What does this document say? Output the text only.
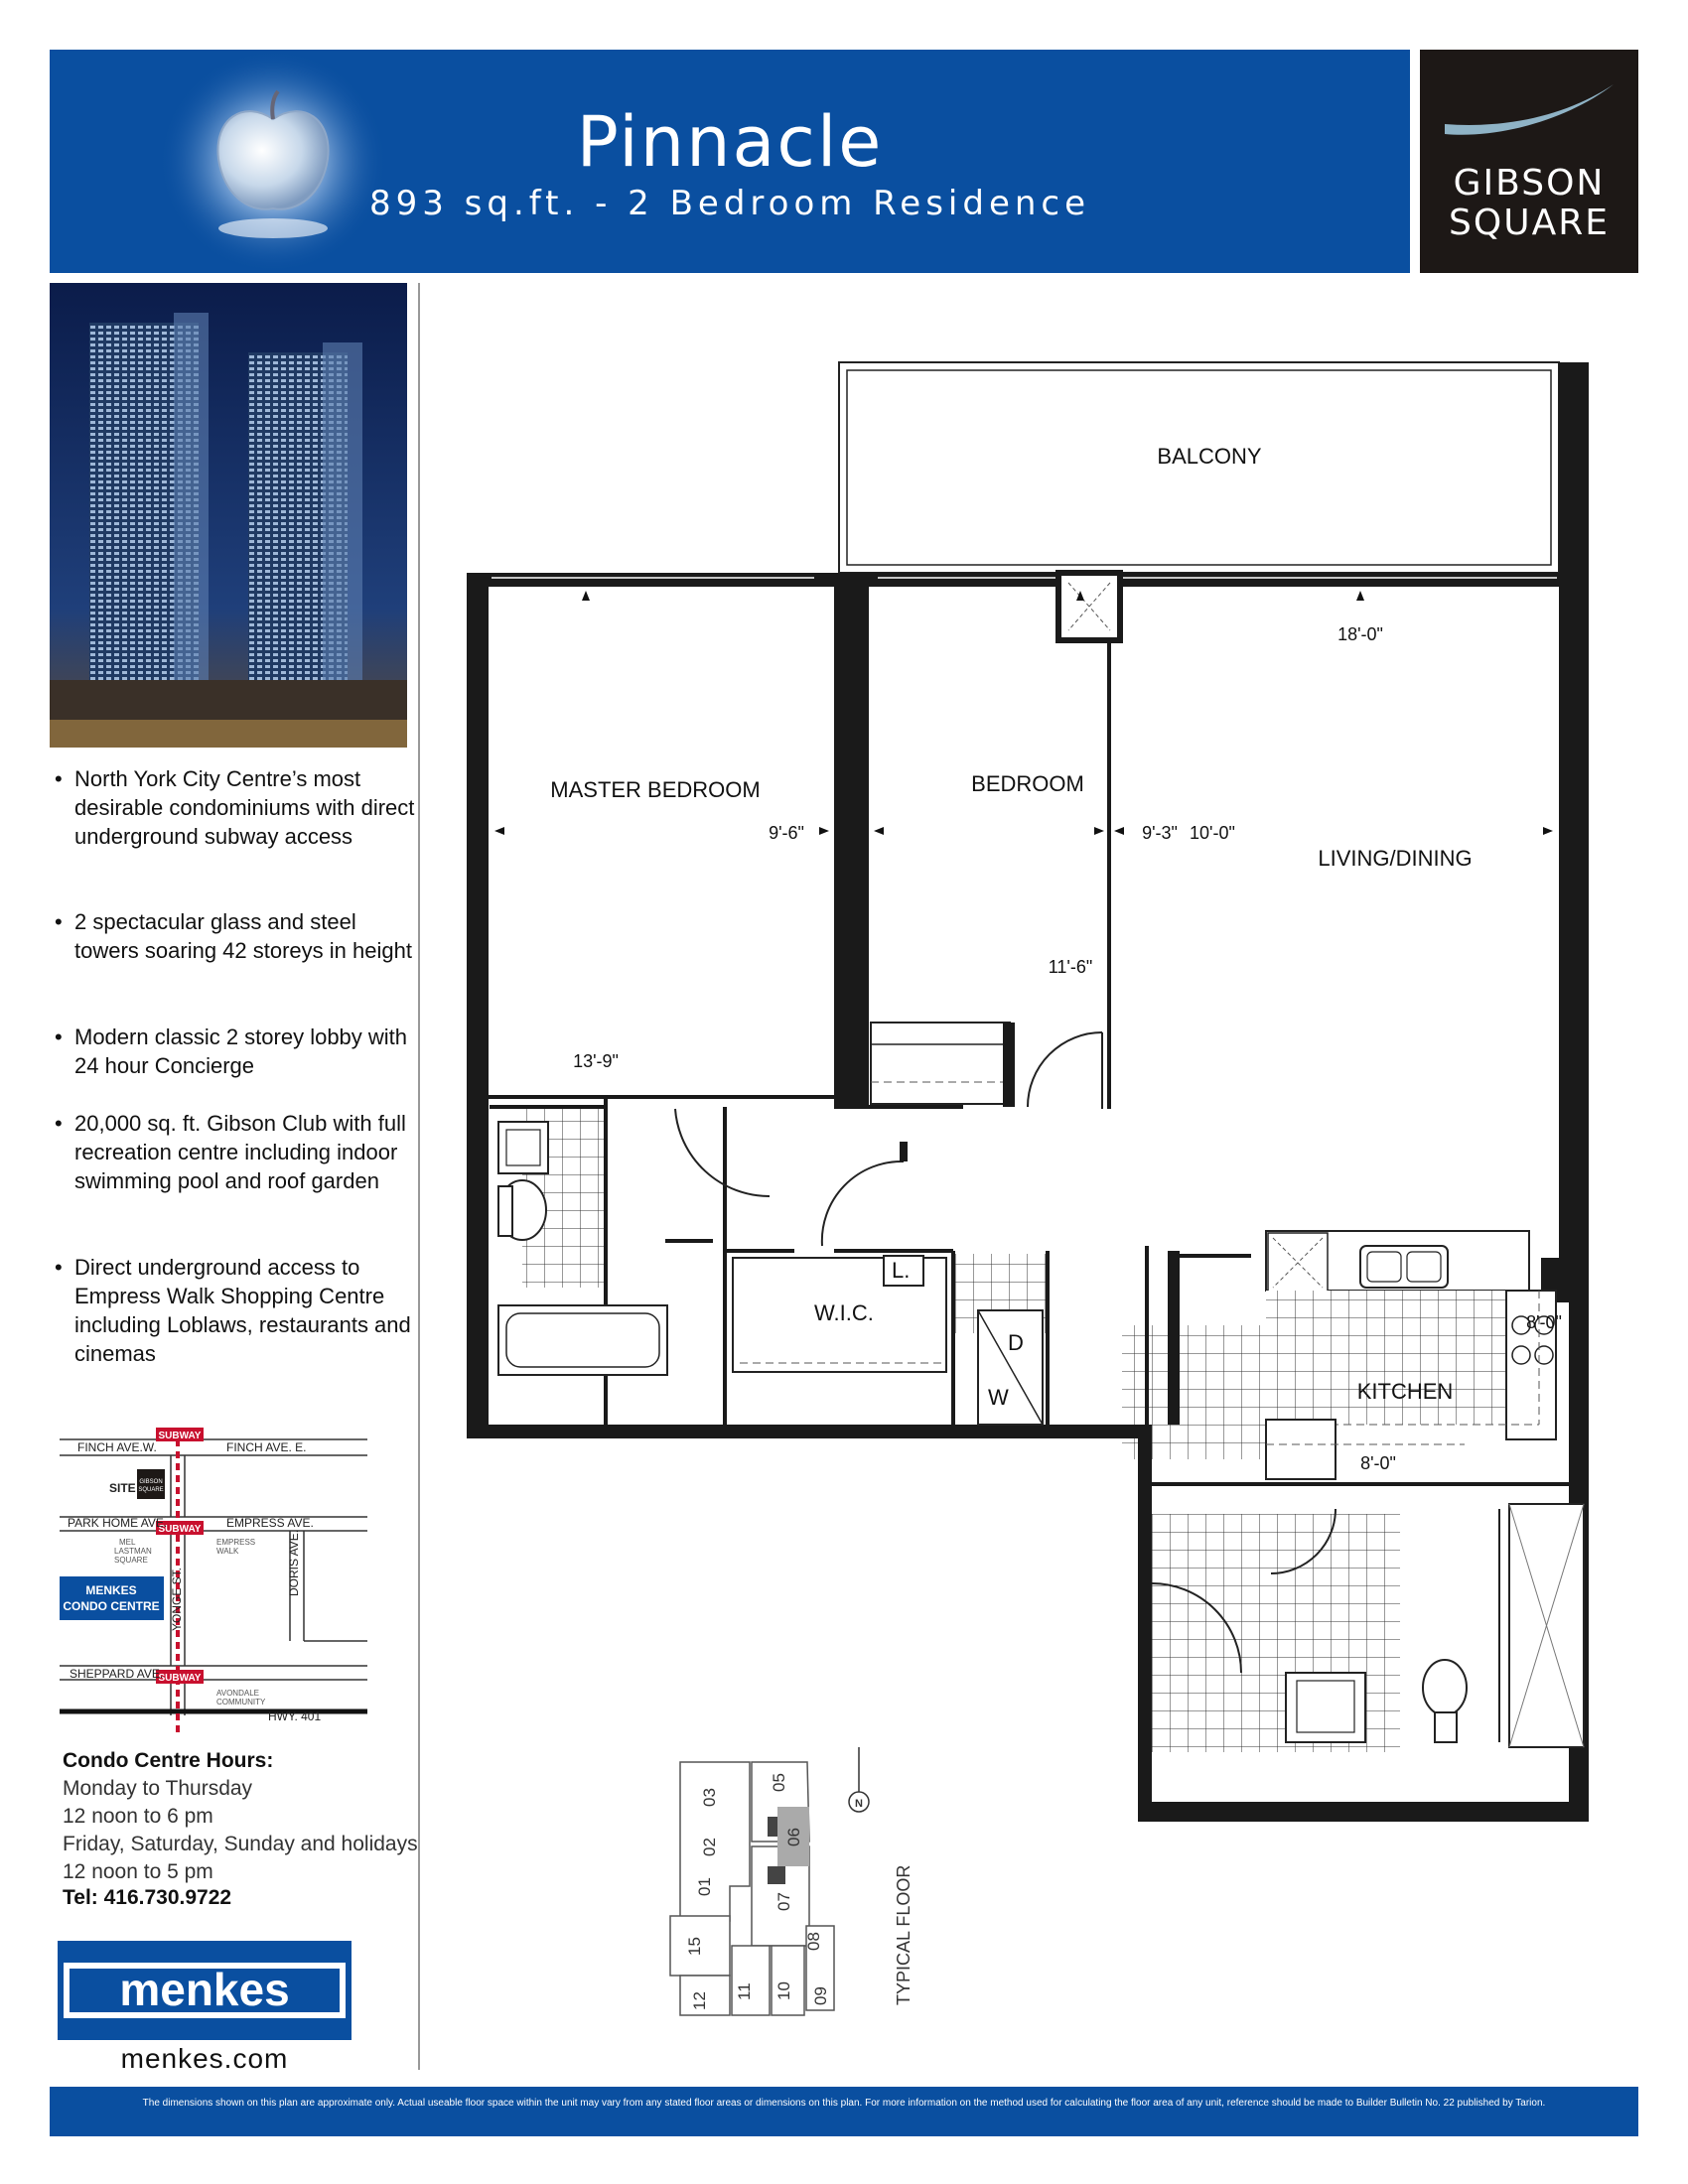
Pinnacle
893 sq.ft. - 2 Bedroom Residence	GIBSON
SQUARE
• North York City Centre’s most desirable condominiums with direct underground subway access
• 2 spectacular glass and steel towers soaring 42 storeys in height
• Modern classic 2 storey lobby with 24 hour Concierge
• 20,000 sq. ft. Gibson Club with full recreation centre including indoor swimming pool and roof garden
• Direct underground access to Empress Walk Shopping Centre including Loblaws, restaurants and cinemas
SUBWAY
SUBWAY
SUBWAY
FINCH AVE.W.	FINCH AVE. E.
SITE GIBSON
SQUARE
PARK HOME AVE.	EMPRESS AVE.
MEL
LASTMAN
SQUARE
EMPRESS
WALK
MENKES
CONDO CENTRE
DORIS AVE.
YONGE ST.
SHEPPARD AVE.
AVONDALE
COMMUNITY
HWY. 401
Condo Centre Hours:
Monday to Thursday
12 noon to 6 pm
Friday, Saturday, Sunday and holidays
12 noon to 5 pm
Tel: 416.730.9722
menkes
menkes.com
BALCONY
W.I.C.
L.
D
W	KITCHEN
MASTER BEDROOM	BEDROOM
LIVING/DINING
18'-0"
9'-6"	9'-3" 10'-0"
11'-6"
13'-9"
8'-0"
8'-0"
03
05
02
06
01
07
15	08
12 11 10 09
N
TYPICAL FLOOR
The dimensions shown on this plan are approximate only. Actual useable floor space within the unit may vary from any stated floor areas or dimensions on this plan. For more information on the method used for calculating the floor area of any unit, reference should be made to Builder Bulletin No. 22 published by Tarion.
